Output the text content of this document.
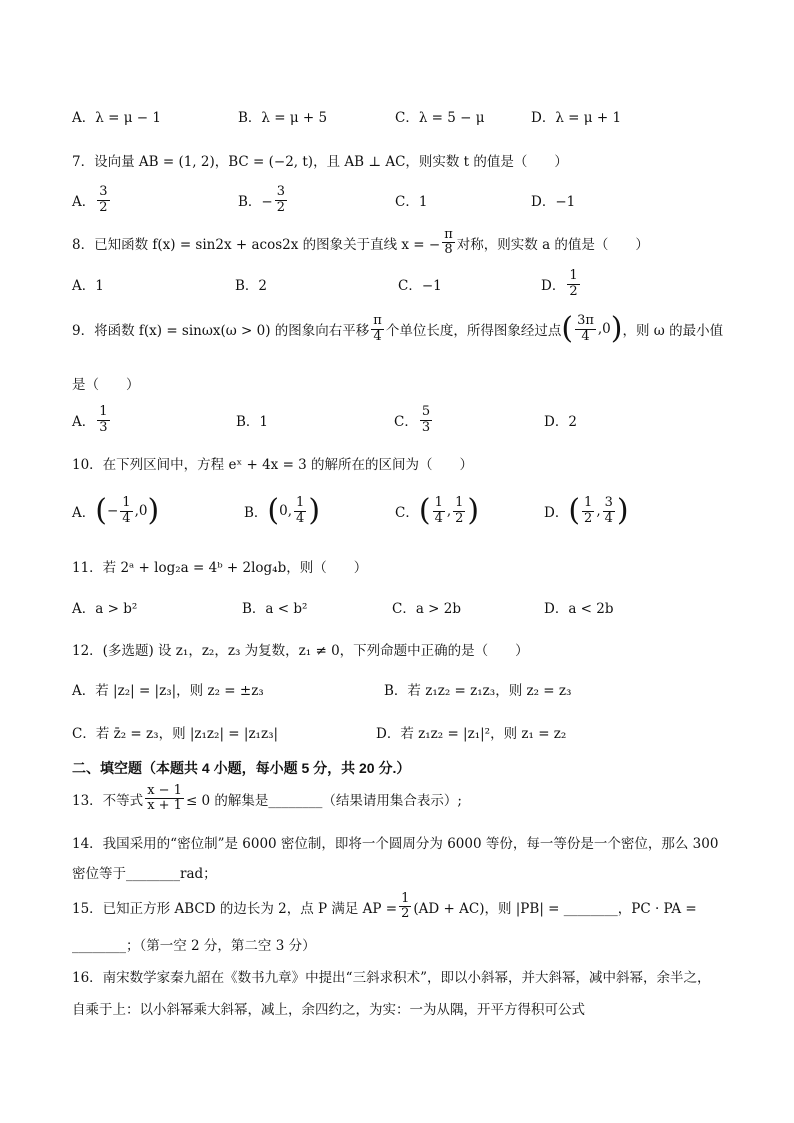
A．λ = μ − 1	B．λ = μ + 5	C．λ = 5 − μ	D．λ = μ + 1
7．设向量 AB = (1, 2)，BC = (−2, t)，且 AB ⊥ AC，则实数 t 的值是（　　）
A． $\frac{3}{2}$	B．− $\frac{3}{2}$	C．1	D．−1
8．已知函数 f(x) = sin2x + acos2x 的图象关于直线 x = − $\frac{\pi}{8}$ 对称，则实数 a 的值是（　　）
A．1	B．2	C．−1	D． $\frac{1}{2}$
9．将函数 f(x) = sinωx(ω > 0) 的图象向右平移 $\frac{\pi}{4}$ 个单位长度，所得图象经过点 ( $\frac{3\pi}{4} ,0$ ) ，则 ω 的最小值
是（　　）
A． $\frac{1}{3}$	B．1	C． $\frac{5}{3}$	D．2
10．在下列区间中，方程 eˣ + 4x = 3 的解所在的区间为（　　）
A． ( − $\frac{1}{4} ,0$ )	B． ( 0, $\frac{1}{4}$ )	C． ( $\frac{1}{4}$ , $\frac{1}{2}$ )	D． ( $\frac{1}{2}$ , $\frac{3}{4}$ )
11．若 2ᵃ + log₂a = 4ᵇ + 2log₄b，则（　　）
A．a > b²	B．a < b²	C．a > 2b	D．a < 2b
12．(多选题) 设 z₁，z₂，z₃ 为复数，z₁ ≠ 0，下列命题中正确的是（　　）
A．若 |z₂| = |z₃|，则 z₂ = ±z₃	B．若 z₁z₂ = z₁z₃，则 z₂ = z₃
C．若 z̄₂ = z₃，则 |z₁z₂| = |z₁z₃|	D．若 z₁z₂ = |z₁|²，则 z₁ = z₂
二、填空题（本题共 4 小题，每小题 5 分，共 20 分.）
13．不等式 $\frac{x - 1}{x + 1} \le 0$ 的解集是________（结果请用集合表示）;
14．我国采用的“密位制”是 6000 密位制，即将一个圆周分为 6000 等份，每一等份是一个密位，那么 300
密位等于________rad；
15．已知正方形 ABCD 的边长为 2，点 P 满足 AP = $\frac{1}{2} (AD + AC)$，则 |PB| = ________，PC · PA =
________；（第一空 2 分，第二空 3 分）
16．南宋数学家秦九韶在《数书九章》中提出“三斜求积术”，即以小斜幂，并大斜幂，减中斜幂，余半之，
自乘于上：以小斜幂乘大斜幂，减上，余四约之，为实：一为从隅，开平方得积可公式
